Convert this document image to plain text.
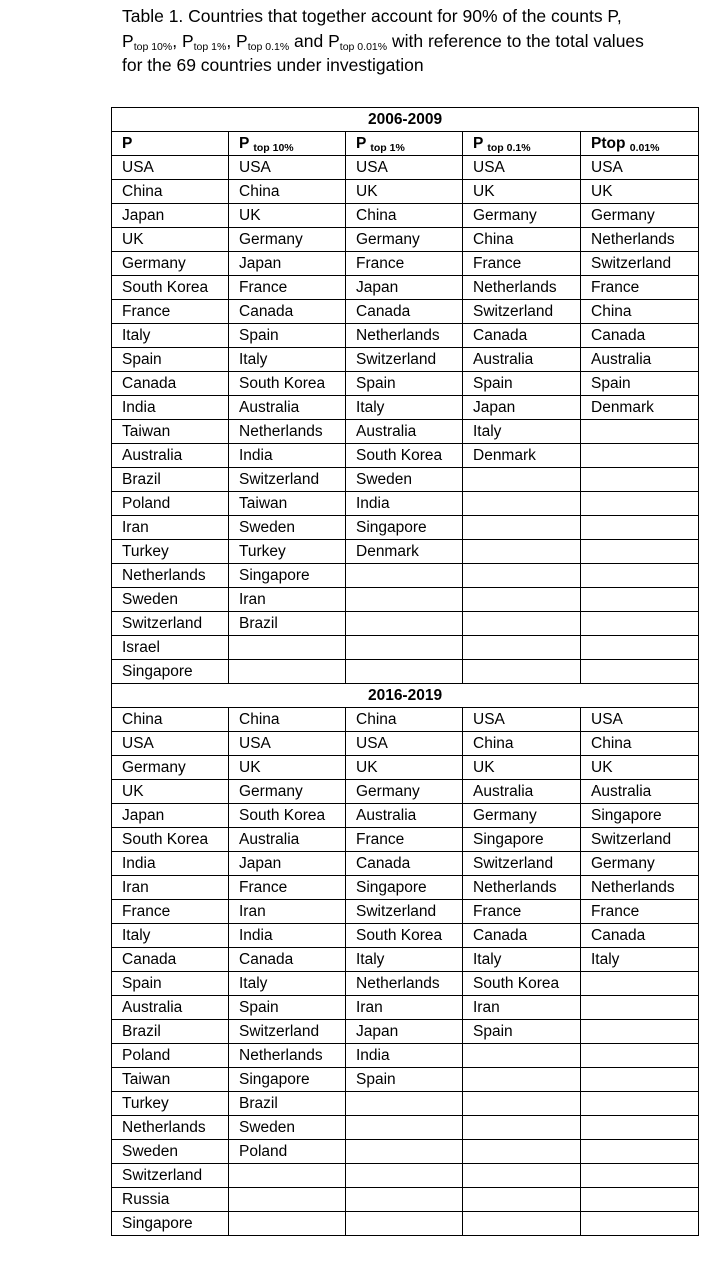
Table 1. Countries that together account for 90% of the counts P,
$P_{top 10\%}$, $P_{top 1\%}$, $P_{top 0.1\%}$ and $P_{top 0.01\%}$ with reference to the total values
for the 69 countries under investigation
2006-2009				
P	P $_{top 10\%}$	P $_{top 1\%}$	P $_{top 0.1\%}$	Ptop $_{0.01\%}$
USA	USA	USA	USA	USA
China	China	UK	UK	UK
Japan	UK	China	Germany	Germany
UK	Germany	Germany	China	Netherlands
Germany	Japan	France	France	Switzerland
South Korea	France	Japan	Netherlands	France
France	Canada	Canada	Switzerland	China
Italy	Spain	Netherlands	Canada	Canada
Spain	Italy	Switzerland	Australia	Australia
Canada	South Korea	Spain	Spain	Spain
India	Australia	Italy	Japan	Denmark
Taiwan	Netherlands	Australia	Italy	
Australia	India	South Korea	Denmark	
Brazil	Switzerland	Sweden		
Poland	Taiwan	India		
Iran	Sweden	Singapore		
Turkey	Turkey	Denmark		
Netherlands	Singapore			
Sweden	Iran			
Switzerland	Brazil			
Israel				
Singapore				
2016-2019				
China	China	China	USA	USA
USA	USA	USA	China	China
Germany	UK	UK	UK	UK
UK	Germany	Germany	Australia	Australia
Japan	South Korea	Australia	Germany	Singapore
South Korea	Australia	France	Singapore	Switzerland
India	Japan	Canada	Switzerland	Germany
Iran	France	Singapore	Netherlands	Netherlands
France	Iran	Switzerland	France	France
Italy	India	South Korea	Canada	Canada
Canada	Canada	Italy	Italy	Italy
Spain	Italy	Netherlands	South Korea	
Australia	Spain	Iran	Iran	
Brazil	Switzerland	Japan	Spain	
Poland	Netherlands	India		
Taiwan	Singapore	Spain		
Turkey	Brazil			
Netherlands	Sweden			
Sweden	Poland			
Switzerland				
Russia				
Singapore				
